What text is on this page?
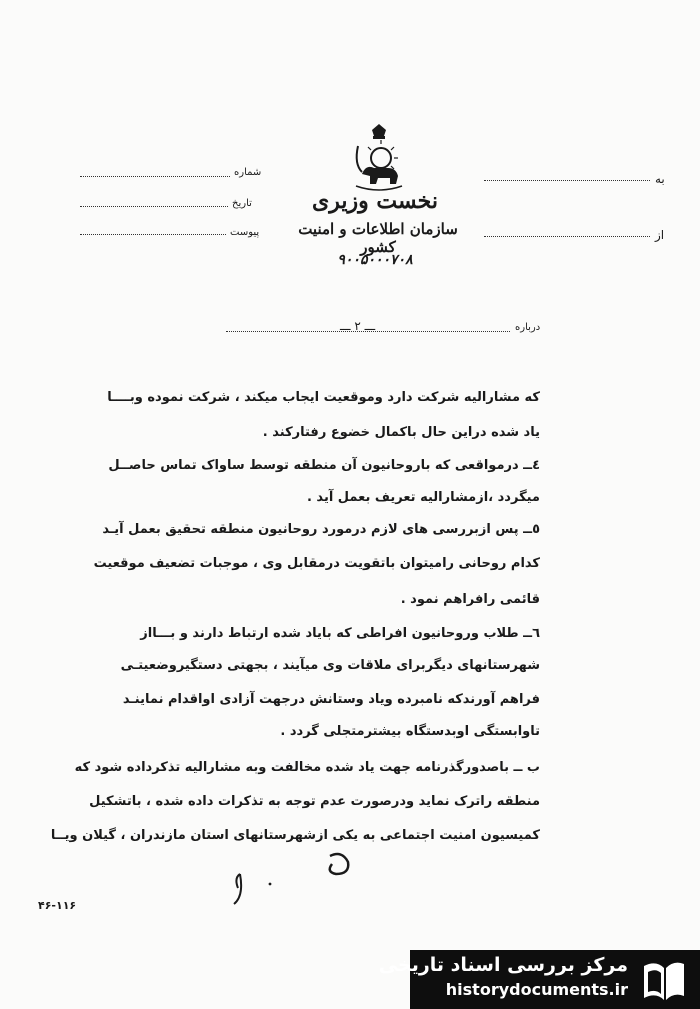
نخست وزیری
سازمان اطلاعات و امنیت کشور
۹۰۰۵۰۰۰۷۰۸
شماره
تاریخ
پیوست
به
از
درباره
ـــ ۲ ـــ
که مشارالیه شرکت دارد وموقعیت ایجاب میکند ، شرکت نموده وبــــا
یاد شده دراین حال باکمال خضوع رفتارکند .
٤ــ درمواقعی که باروحانیون آن منطقه توسط ساواک تماس حاصــل
میگردد ،ازمشارالیه تعریف بعمل آید .
٥ــ پس ازبررسی های لازم درمورد روحانیون منطقه تحقیق بعمل آیـد
کدام روحانی رامیتوان باتقویت درمقابل وی ، موجبات تضعیف موقعیت
قائمی رافراهم نمود .
٦ــ طلاب وروحانیون افراطی که بایاد شده ارتباط دارند و بـــااز
شهرستانهای دیگربرای ملاقات وی میآیند ، بجهتی دستگیروضعیتـی
فراهم آورندکه نامبرده ویاد وستانش درجهت آزادی اواقدام نماینـد
تاوابستگی اوبدستگاه بیشترمتجلی گردد .
ب ــ باصدورگذرنامه جهت یاد شده مخالفت وبه مشارالیه تذکرداده شود که
منطقه راترک نماید ودرصورت عدم توجه به تذکرات داده شده ، باتشکیل
کمیسیون امنیت اجتماعی به یکی ازشهرستانهای استان مازندران ، گیلان ویــا
۴۶-۱۱۶
مرکز بررسی اسناد تاریخی
historydocuments.ir
